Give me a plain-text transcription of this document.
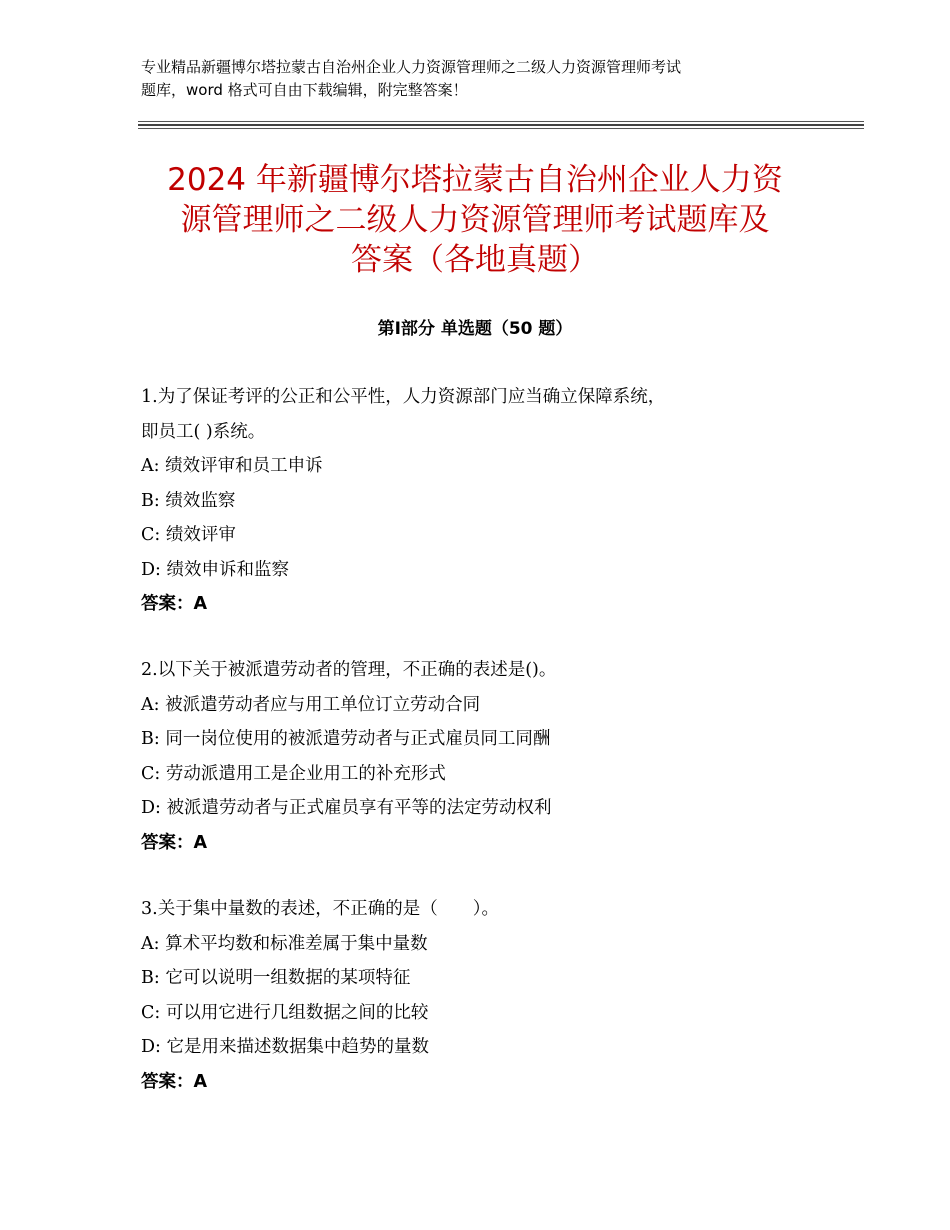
专业精品新疆博尔塔拉蒙古自治州企业人力资源管理师之二级人力资源管理师考试
题库，word 格式可自由下载编辑，附完整答案！
2024 年新疆博尔塔拉蒙古自治州企业人力资
源管理师之二级人力资源管理师考试题库及
答案（各地真题）
第Ⅰ部分 单选题（50 题）

1.为了保证考评的公正和公平性，人力资源部门应当确立保障系统，

即员工( )系统。

A: 绩效评审和员工申诉

B: 绩效监察

C: 绩效评审

D: 绩效申诉和监察

答案：A

2.以下关于被派遣劳动者的管理，不正确的表述是()。

A: 被派遣劳动者应与用工单位订立劳动合同

B: 同一岗位使用的被派遣劳动者与正式雇员同工同酬

C: 劳动派遣用工是企业用工的补充形式

D: 被派遣劳动者与正式雇员享有平等的法定劳动权利

答案：A

3.关于集中量数的表述，不正确的是（　　）。

A: 算术平均数和标准差属于集中量数

B: 它可以说明一组数据的某项特征

C: 可以用它进行几组数据之间的比较

D: 它是用来描述数据集中趋势的量数

答案：A
